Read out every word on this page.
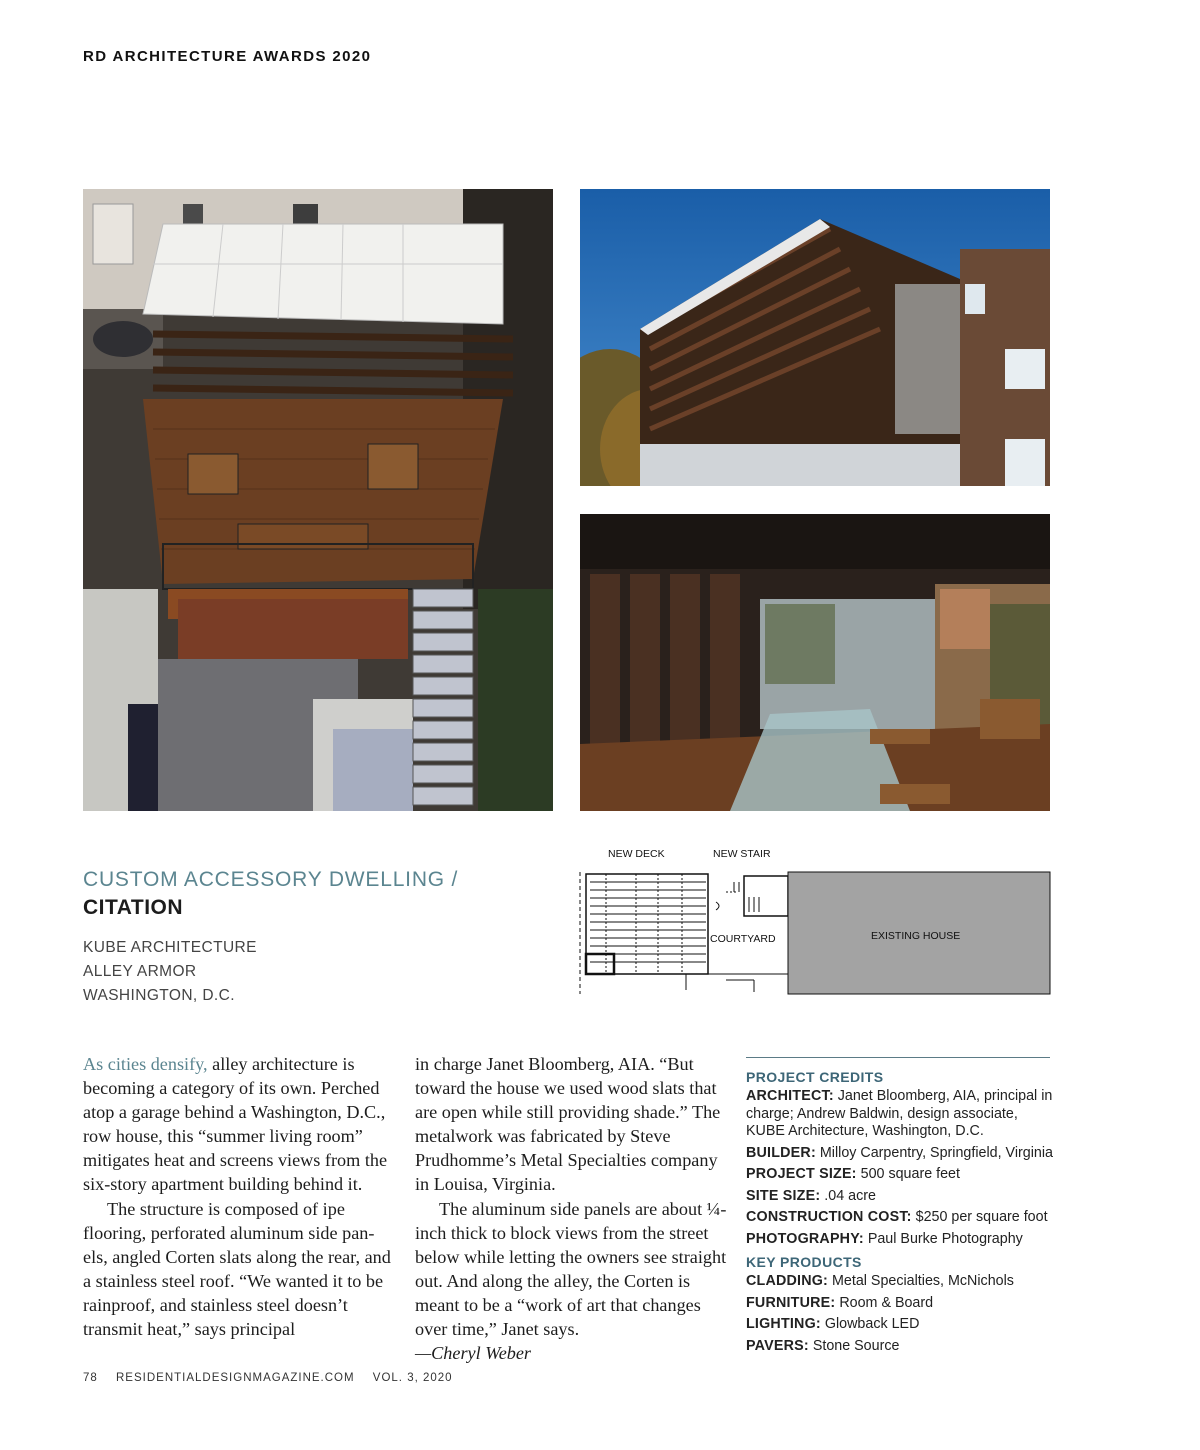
RD ARCHITECTURE AWARDS 2020
CUSTOM ACCESSORY DWELLING /
CITATION
KUBE ARCHITECTURE
ALLEY ARMOR
WASHINGTON, D.C.
NEW DECK	NEW STAIR
COURTYARD	EXISTING HOUSE

As cities densify, alley architecture is becoming a category of its own. Perched atop a garage behind a Washington, D.C., row house, this “summer living room” mitigates heat and screens views from the six-story apartment building behind it.

The structure is composed of ipe flooring, perforated aluminum side pan-els, angled Corten slats along the rear, and a stainless steel roof. “We wanted it to be rainproof, and stainless steel doesn’t transmit heat,” says principal

in charge Janet Bloomberg, AIA. “But toward the house we used wood slats that are open while still providing shade.” The metalwork was fabricated by Steve Prudhomme’s Metal Specialties company in Louisa, Virginia.

The aluminum side panels are about ¼-inch thick to block views from the street below while letting the owners see straight out. And along the alley, the Corten is meant to be a “work of art that changes over time,” Janet says.

—Cheryl Weber

PROJECT CREDITS
ARCHITECT: Janet Bloomberg, AIA, principal in charge; Andrew Baldwin, design associate, KUBE Architecture, Washington, D.C.
BUILDER: Milloy Carpentry, Springfield, Virginia
PROJECT SIZE: 500 square feet
SITE SIZE: .04 acre
CONSTRUCTION COST: $250 per square foot
PHOTOGRAPHY: Paul Burke Photography
KEY PRODUCTS
CLADDING: Metal Specialties, McNichols
FURNITURE: Room & Board
LIGHTING: Glowback LED
PAVERS: Stone Source
78 RESIDENTIALDESIGNMAGAZINE.COM VOL. 3, 2020
